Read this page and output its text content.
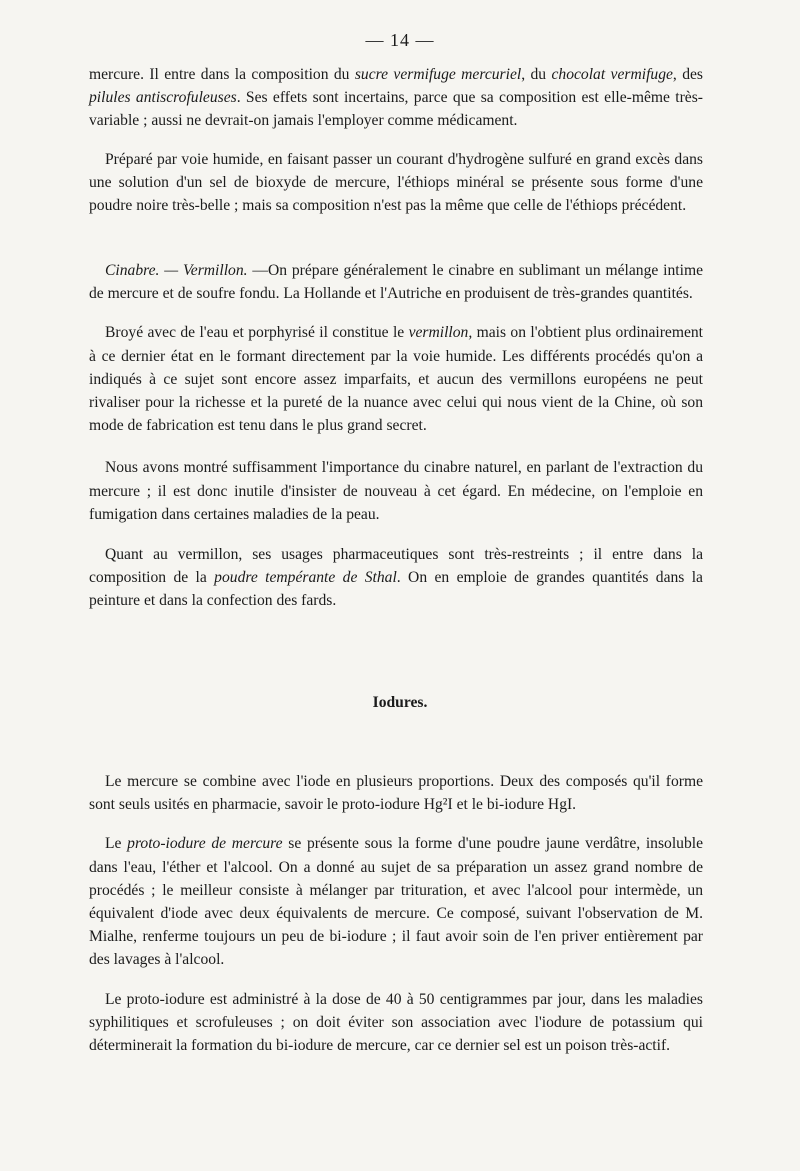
— 14 —

mercure. Il entre dans la composition du sucre vermifuge mercuriel, du chocolat vermifuge, des pilules antiscrofuleuses. Ses effets sont incertains, parce que sa composition est elle-même très-variable ; aussi ne devrait-on jamais l'employer comme médicament.

Préparé par voie humide, en faisant passer un courant d'hydrogène sulfuré en grand excès dans une solution d'un sel de bioxyde de mercure, l'éthiops minéral se présente sous forme d'une poudre noire très-belle ; mais sa composition n'est pas la même que celle de l'éthiops précédent.

Cinabre. — Vermillon. —On prépare généralement le cinabre en sublimant un mélange intime de mercure et de soufre fondu. La Hollande et l'Autriche en produisent de très-grandes quantités.

Broyé avec de l'eau et porphyrisé il constitue le vermillon, mais on l'obtient plus ordinairement à ce dernier état en le formant directement par la voie humide. Les différents procédés qu'on a indiqués à ce sujet sont encore assez imparfaits, et aucun des vermillons européens ne peut rivaliser pour la richesse et la pureté de la nuance avec celui qui nous vient de la Chine, où son mode de fabrication est tenu dans le plus grand secret.

Nous avons montré suffisamment l'importance du cinabre naturel, en parlant de l'extraction du mercure ; il est donc inutile d'insister de nouveau à cet égard. En médecine, on l'emploie en fumigation dans certaines maladies de la peau.

Quant au vermillon, ses usages pharmaceutiques sont très-restreints ; il entre dans la composition de la poudre tempérante de Sthal. On en emploie de grandes quantités dans la peinture et dans la confection des fards.

Iodures.

Le mercure se combine avec l'iode en plusieurs proportions. Deux des composés qu'il forme sont seuls usités en pharmacie, savoir le proto-iodure Hg²I et le bi-iodure HgI.

Le proto-iodure de mercure se présente sous la forme d'une poudre jaune verdâtre, insoluble dans l'eau, l'éther et l'alcool. On a donné au sujet de sa préparation un assez grand nombre de procédés ; le meilleur consiste à mélanger par trituration, et avec l'alcool pour intermède, un équivalent d'iode avec deux équivalents de mercure. Ce composé, suivant l'observation de M. Mialhe, renferme toujours un peu de bi-iodure ; il faut avoir soin de l'en priver entièrement par des lavages à l'alcool.

Le proto-iodure est administré à la dose de 40 à 50 centigrammes par jour, dans les maladies syphilitiques et scrofuleuses ; on doit éviter son association avec l'iodure de potassium qui déterminerait la formation du bi-iodure de mercure, car ce dernier sel est un poison très-actif.
